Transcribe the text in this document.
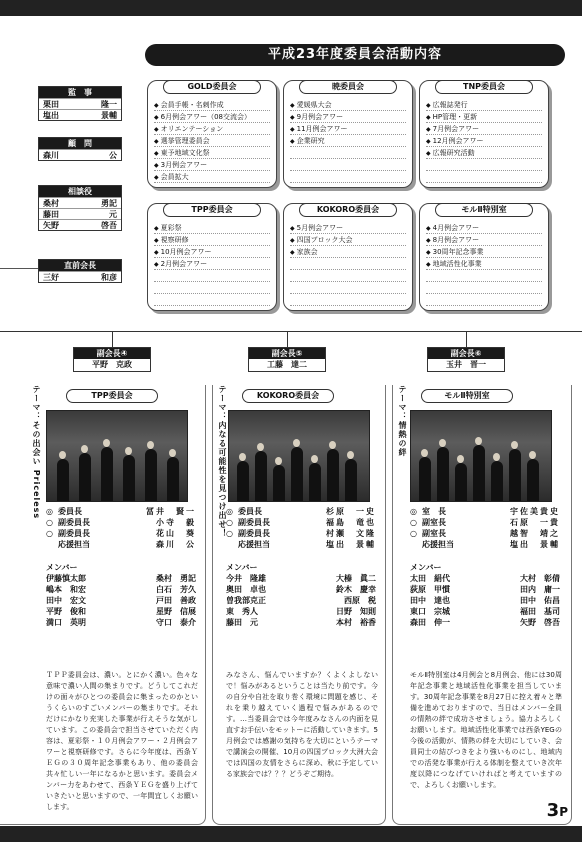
平成23年度委員会活動内容
監　事
栗田	隆一
塩出	景輔
顧　問
森川	公
相談役
桑村	勇記
藤田	元
矢野	啓吾
直前会長
三好	和彦
GOLD委員会
◆ 会員手帳・名刺作成
◆ 6月例会アワー（08交流会）
◆ オリエンテーション
◆ 選挙管理委員会
◆ 東予地域文化祭
◆ 3月例会アワー
◆ 会員拡大
暁委員会
◆ 愛媛県大会
◆ 9月例会アワー
◆ 11月例会アワー
◆ 企業研究
TNP委員会
◆ 広報誌発行
◆ HP管理・更新
◆ 7月例会アワー
◆ 12月例会アワー
◆ 広報研究活動
TPP委員会
◆ 夏彩祭
◆ 視察研修
◆ 10月例会アワー
◆ 2月例会アワー
KOKORO委員会
◆ 5月例会アワー
◆ 四国ブロック大会
◆ 家族会
モルⅡ特別室
◆ 4月例会アワー
◆ 8月例会アワー
◆ 30周年記念事業
◆ 地域活性化事業
副会長④
平野　克政
副会長⑤
工藤　達二
副会長⑥
玉井　晋一
テーマ：その出会い Priceless	テーマ：内なる可能性を見つけ出せ！	テーマ：情熱の絆
TPP委員会	KOKORO委員会	モルⅡ特別室
◎ 委員長	冨井　賢一
○ 副委員長	小寺　毅
○ 副委員長	花山　葵
応援担当	森川　公
◎ 委員長	杉原　一史
○ 副委員長	福島　竜也
○ 副委員長	村瀬　文隆
応援担当	塩出　景輔
◎ 室　長	宇佐美貴史
○ 副室長	石原　一貴
○ 副室長	越智　靖之
応援担当	塩出　景輔
メンバー
伊藤慎太郎	桑村　勇記
嶋本　和宏	白石　芳久
田中　宏文	戸田　善政
平野　俊和	星野　信展
満口　英明	守口　泰介
メンバー
今井　隆雄	大榛　眞二
奥田　卓也	鈴木　慶幸
曽我部克正	西原　税
東　秀人	日野　知則
藤田　元	本村　裕香
メンバー
太田　絹代	大村　彰倩
荻原　甲慣	田内　庸一
田中　達也	田中　佑昌
東口　宗城	福田　基司
森田　伸一	矢野　啓吾
ＴＰＰ委員会は、濃い。とにかく濃い。色々な意味で濃い人間の集まりです。どうしてこれだけの面々がひとつの委員会に集まったのかというくらいのすごいメンバーの集まりです。それだけにかなり充実した事業が行えそうな気がしています。この委員会で担当させていただく内容は、夏彩祭・１０月例会アワー・２月例会アワーと視察研修です。さらに今年度は、西条ＹＥＧの３０周年記念事業もあり、他の委員会共々忙しい一年になるかと思います。委員会メンバー力をあわせて、西条ＹＥＧを盛り上げていきたいと思いますので、一年間宜しくお願いします。
みなさん、悩んでいますか？くよくよしないで！悩みがあるということは当たり前です。今の自分や自社を取り巻く環境に問題を感じ、それを乗り越えていく過程で悩みがあるのです。…当委員会では今年度みなさんの内面を見直すお手伝いをモットーに活動していきます。5月例会では感謝の気持ちを大切にというテーマで講演会の開催、10月の四国ブロック大洲大会では四国の友情をさらに深め、秋に予定している家族会では？？？どうぞご期待。
モルⅡ特別室は4月例会と8月例会、他には30周年記念事業と地域活性化事業を担当しています。30周年記念事業を8月27日に控え着々と準備を進めておりますので、当日はメンバー全員の情熱の絆で成功させましょう。協力よろしくお願いします。地域活性化事業では西条YEGの今後の活動が、情熱の絆を大切にしていき、会員同士の結びつきをより強いものにし、地域内での活発な事業が行える体制を整えていき次年度以降につなげていければと考えていますので、よろしくお願いします。
3P
